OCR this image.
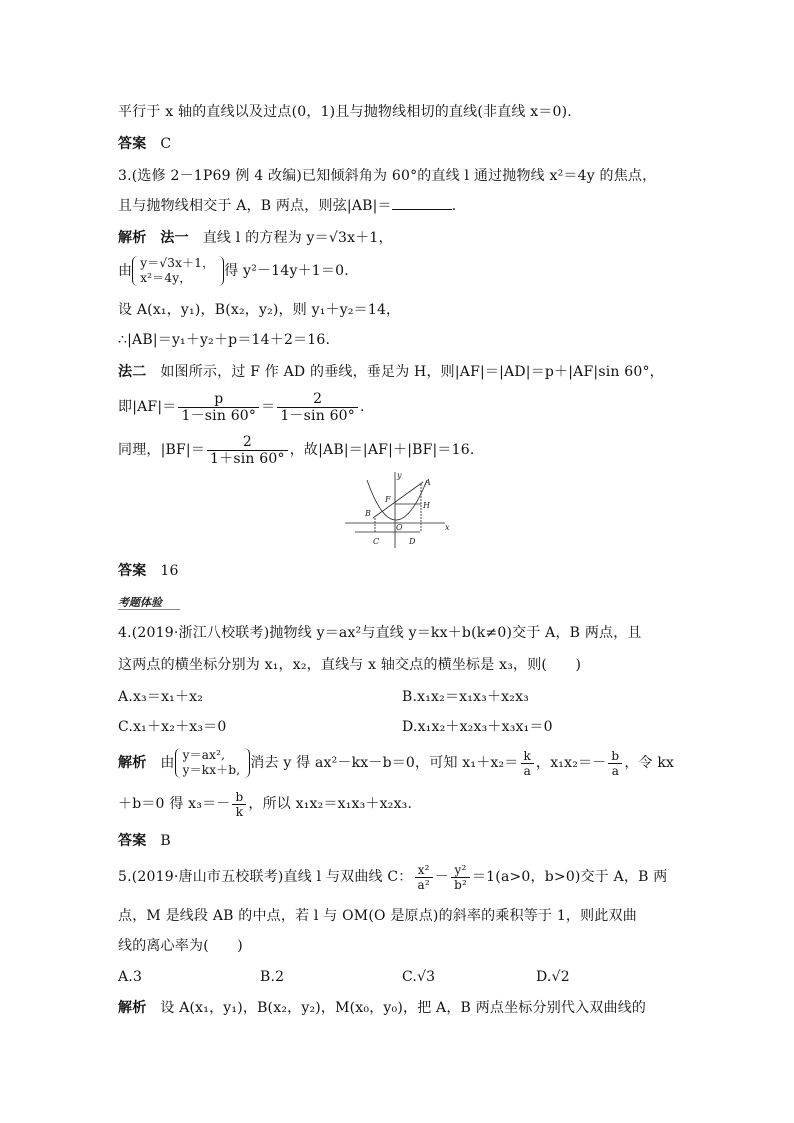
平行于 x 轴的直线以及过点(0，1)且与抛物线相切的直线(非直线 x＝0).
答案 C
3.(选修 2－1P69 例 4 改编)已知倾斜角为 60°的直线 l 通过抛物线 x²＝4y 的焦点，
且与抛物线相交于 A，B 两点，则弦|AB|＝	.
解析 法一 直线 l 的方程为 y＝√3x＋1，
由 y＝√3x＋1，
x²＝4y，	得 y²－14y＋1＝0.
设 A(x₁，y₁)，B(x₂，y₂)，则 y₁＋y₂＝14，
∴|AB|＝y₁＋y₂＋p＝14＋2＝16.
法二 如图所示，过 F 作 AD 的垂线，垂足为 H，则|AF|＝|AD|＝p＋|AF|sin 60°，
即$|AF|= \frac{p}{1-\sin 60^\circ} = \frac{2}{1-\sin 60^\circ}$ .
同理，$|BF|= \frac{2}{1+\sin 60^\circ}$ ，故|AB|＝|AF|＋|BF|＝16.
y
A
F
H
B
O	x
C	D
答案 16
考题体验
4.(2019·浙江八校联考)抛物线 y＝ax²与直线 y＝kx＋b(k≠0)交于 A，B 两点，且
这两点的横坐标分别为 x₁，x₂，直线与 x 轴交点的横坐标是 x₃，则(　　)
A.x₃＝x₁＋x₂	B.x₁x₂＝x₁x₃＋x₂x₃
C.x₁＋x₂＋x₃＝0	D.x₁x₂＋x₂x₃＋x₃x₁＝0
解析 由 y＝ax²,
y＝kx＋b, 消去 y 得 ax²－kx－b＝0，可知 $x_1+x_2= \frac{k}{a}$ ，$x_1x_2=- \frac{b}{a}$ ，令 kx
＋b＝0 得 $x_3=- \frac{b}{k}$ ，所以 x₁x₂＝x₁x₃＋x₂x₃.
答案 B
5.(2019·唐山市五校联考)直线 l 与双曲线 C： $\frac{\text{x²}}{\text{a²}} - \frac{\text{y²}}{\text{b²}} =1(a>0$，b>0)交于 A，B 两
点，M 是线段 AB 的中点，若 l 与 OM(O 是原点)的斜率的乘积等于 1，则此双曲
线的离心率为(　　)
A.3	B.2	C.√3	D.√2
解析 设 A(x₁，y₁)，B(x₂，y₂)，M(x₀，y₀)，把 A，B 两点坐标分别代入双曲线的
